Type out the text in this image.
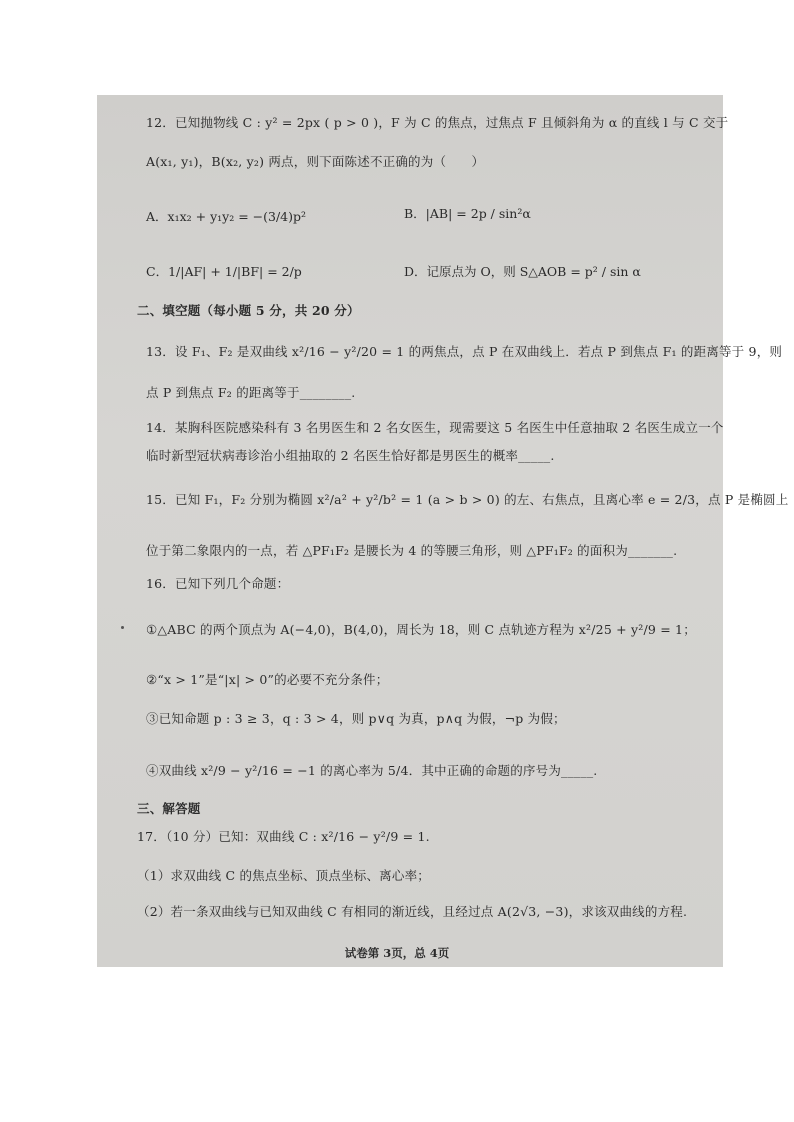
12．已知抛物线 C : y² = 2px ( p > 0 )，F 为 C 的焦点，过焦点 F 且倾斜角为 α 的直线 l 与 C 交于
A(x₁, y₁)，B(x₂, y₂) 两点，则下面陈述不正确的为（　　）
A．x₁x₂ + y₁y₂ = −(3/4)p²	B．|AB| = 2p / sin²α
C．1/|AF| + 1/|BF| = 2/p	D．记原点为 O，则 S△AOB = p² / sin α
二、填空题（每小题 5 分，共 20 分）
13．设 F₁、F₂ 是双曲线 x²/16 − y²/20 = 1 的两焦点，点 P 在双曲线上．若点 P 到焦点 F₁ 的距离等于 9，则
点 P 到焦点 F₂ 的距离等于________.
14．某胸科医院感染科有 3 名男医生和 2 名女医生，现需要这 5 名医生中任意抽取 2 名医生成立一个
临时新型冠状病毒诊治小组抽取的 2 名医生恰好都是男医生的概率_____.
15．已知 F₁，F₂ 分别为椭圆 x²/a² + y²/b² = 1 (a > b > 0) 的左、右焦点，且离心率 e = 2/3，点 P 是椭圆上
位于第二象限内的一点，若 △PF₁F₂ 是腰长为 4 的等腰三角形，则 △PF₁F₂ 的面积为_______.
16．已知下列几个命题：
①△ABC 的两个顶点为 A(−4,0)，B(4,0)，周长为 18，则 C 点轨迹方程为 x²/25 + y²/9 = 1；
②“x > 1”是“|x| > 0”的必要不充分条件；
③已知命题 p : 3 ≥ 3，q : 3 > 4，则 p∨q 为真，p∧q 为假，¬p 为假；
④双曲线 x²/9 − y²/16 = −1 的离心率为 5/4．其中正确的命题的序号为_____.
三、解答题
17．（10 分）已知：双曲线 C : x²/16 − y²/9 = 1.
（1）求双曲线 C 的焦点坐标、顶点坐标、离心率；
（2）若一条双曲线与已知双曲线 C 有相同的渐近线，且经过点 A(2√3, −3)，求该双曲线的方程.
试卷第 3页，总 4页
